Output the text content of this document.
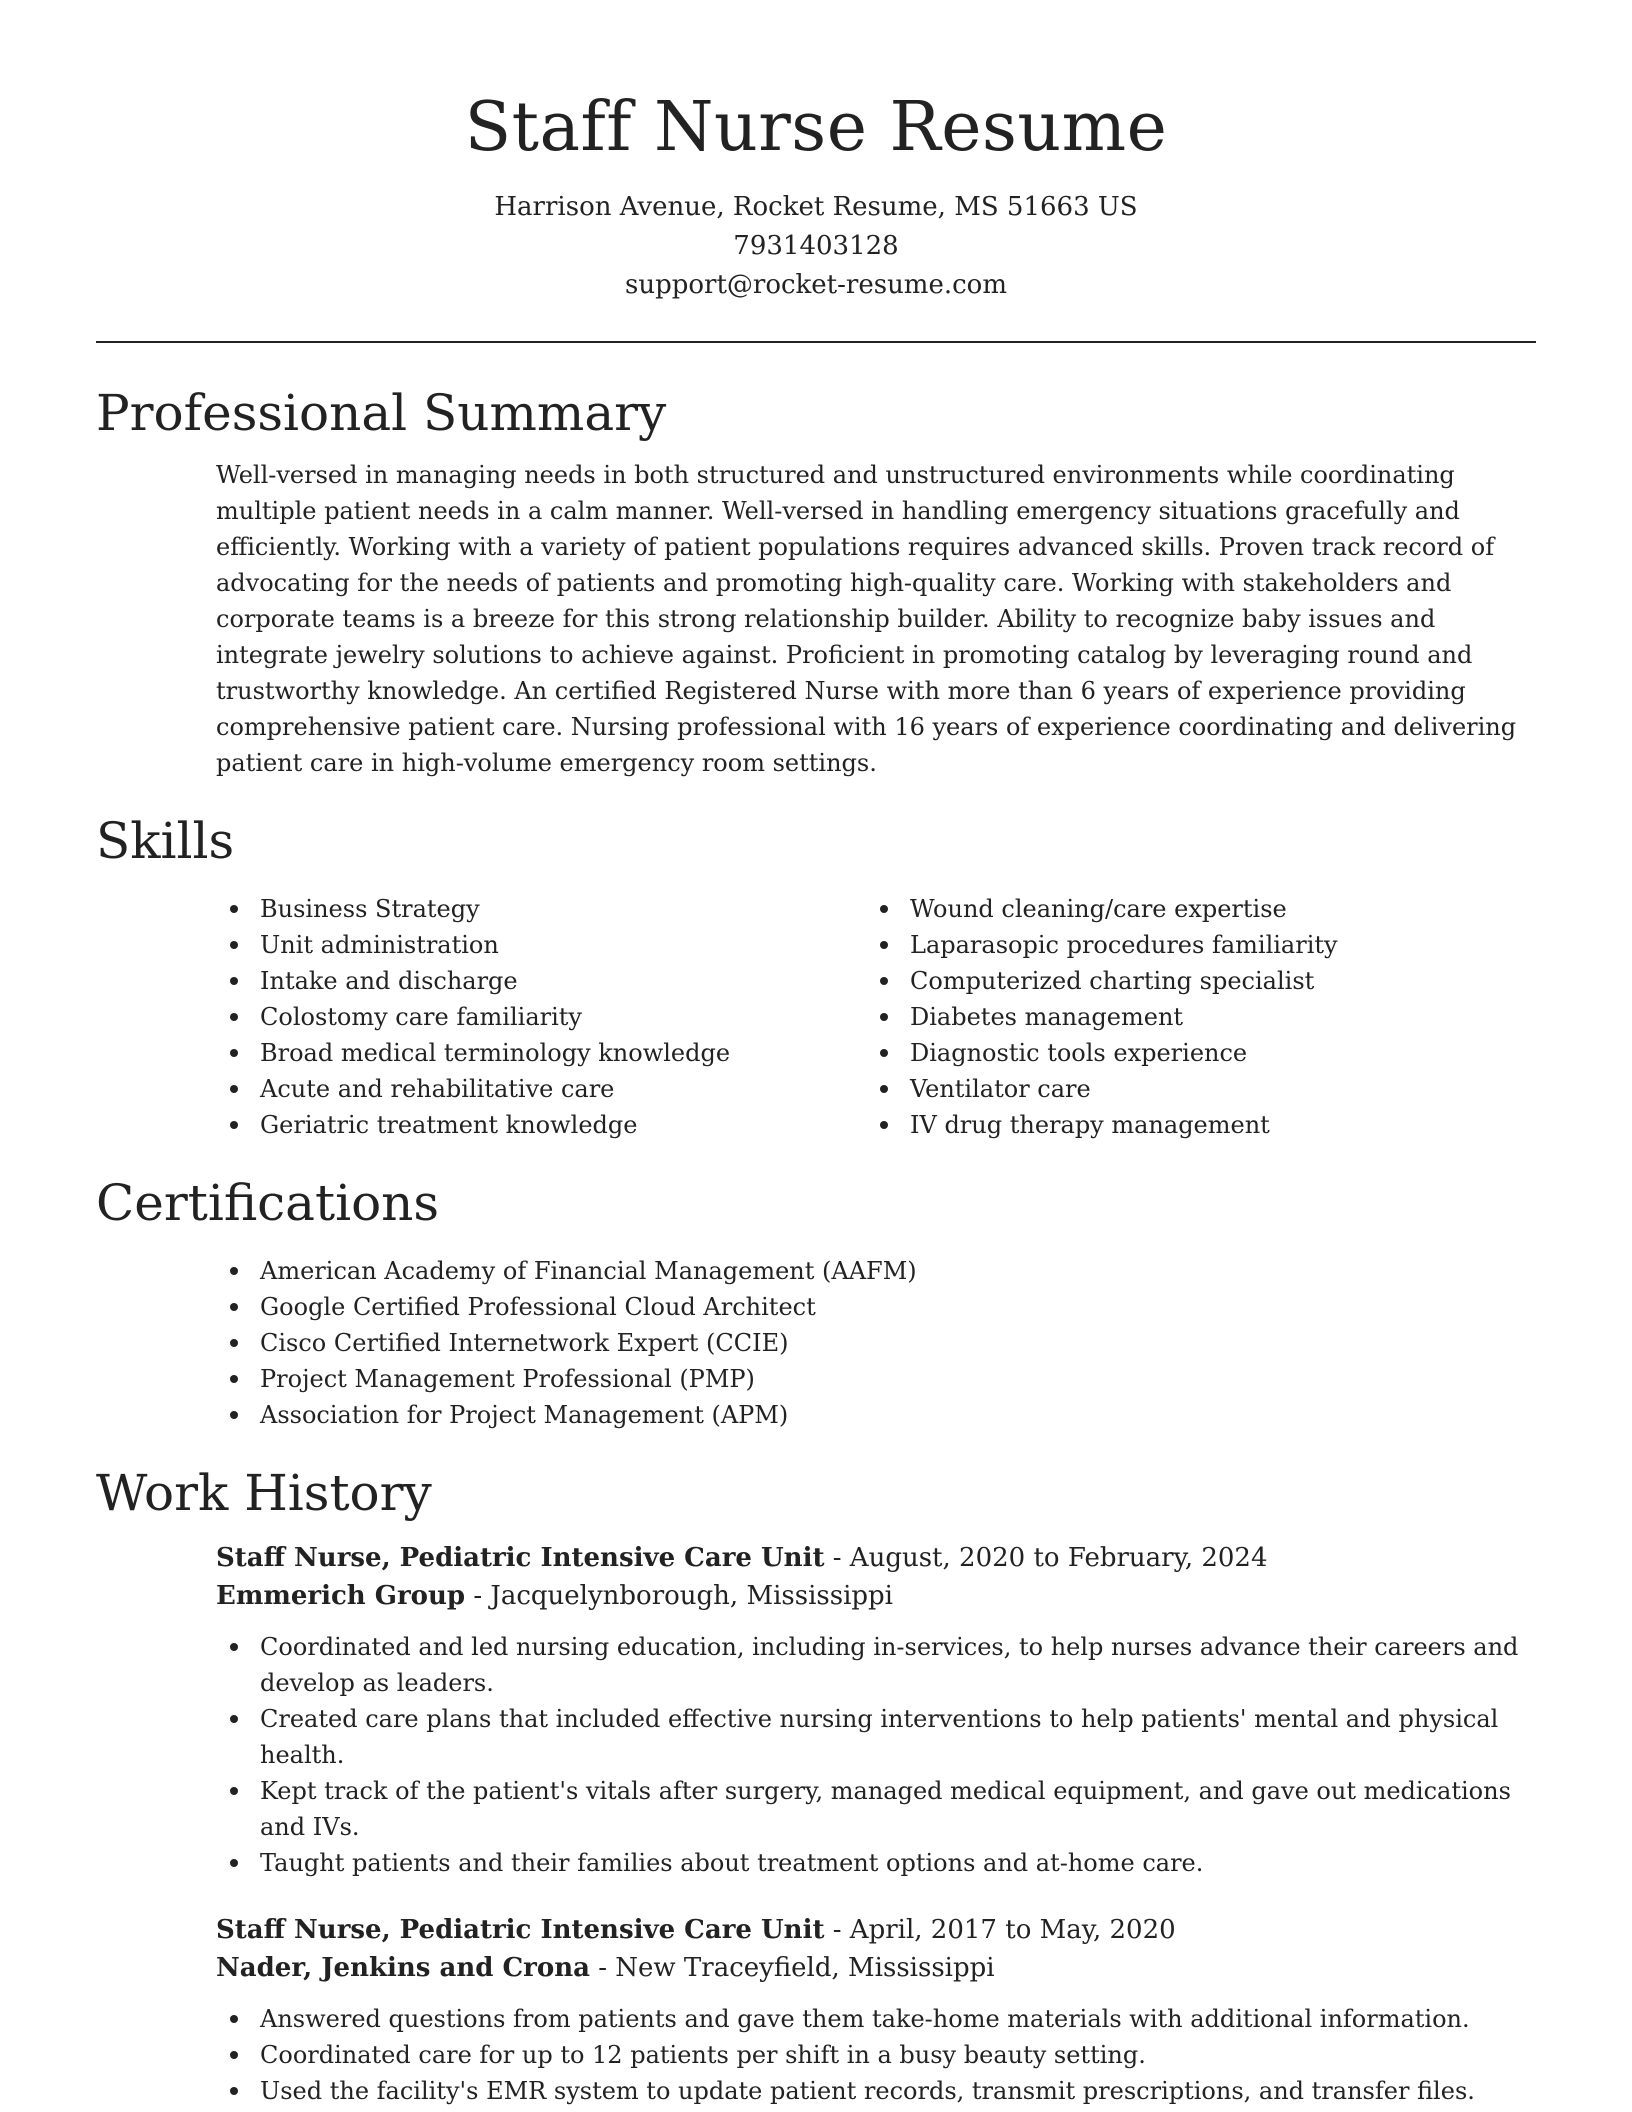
Staff Nurse Resume
Harrison Avenue, Rocket Resume, MS 51663 US
7931403128
support@rocket-resume.com
Professional Summary

Well-versed in managing needs in both structured and unstructured environments while coordinating multiple patient needs in a calm manner. Well-versed in handling emergency situations gracefully and efficiently. Working with a variety of patient populations requires advanced skills. Proven track record of advocating for the needs of patients and promoting high-quality care. Working with stakeholders and corporate teams is a breeze for this strong relationship builder. Ability to recognize baby issues and integrate jewelry solutions to achieve against. Proficient in promoting catalog by leveraging round and trustworthy knowledge. An certified Registered Nurse with more than 6 years of experience providing comprehensive patient care. Nursing professional with 16 years of experience coordinating and delivering patient care in high-volume emergency room settings.

Skills
Business Strategy
Unit administration
Intake and discharge
Colostomy care familiarity
Broad medical terminology knowledge
Acute and rehabilitative care
Geriatric treatment knowledge
Wound cleaning/care expertise
Laparasopic procedures familiarity
Computerized charting specialist
Diabetes management
Diagnostic tools experience
Ventilator care
IV drug therapy management
Certifications
American Academy of Financial Management (AAFM)
Google Certified Professional Cloud Architect
Cisco Certified Internetwork Expert (CCIE)
Project Management Professional (PMP)
Association for Project Management (APM)
Work History
Staff Nurse, Pediatric Intensive Care Unit - August, 2020 to February, 2024
Emmerich Group - Jacquelynborough, Mississippi
Coordinated and led nursing education, including in-services, to help nurses advance their careers and develop as leaders.
Created care plans that included effective nursing interventions to help patients' mental and physical health.
Kept track of the patient's vitals after surgery, managed medical equipment, and gave out medications and IVs.
Taught patients and their families about treatment options and at-home care.
Staff Nurse, Pediatric Intensive Care Unit - April, 2017 to May, 2020
Nader, Jenkins and Crona - New Traceyfield, Mississippi
Answered questions from patients and gave them take-home materials with additional information.
Coordinated care for up to 12 patients per shift in a busy beauty setting.
Used the facility's EMR system to update patient records, transmit prescriptions, and transfer files.
